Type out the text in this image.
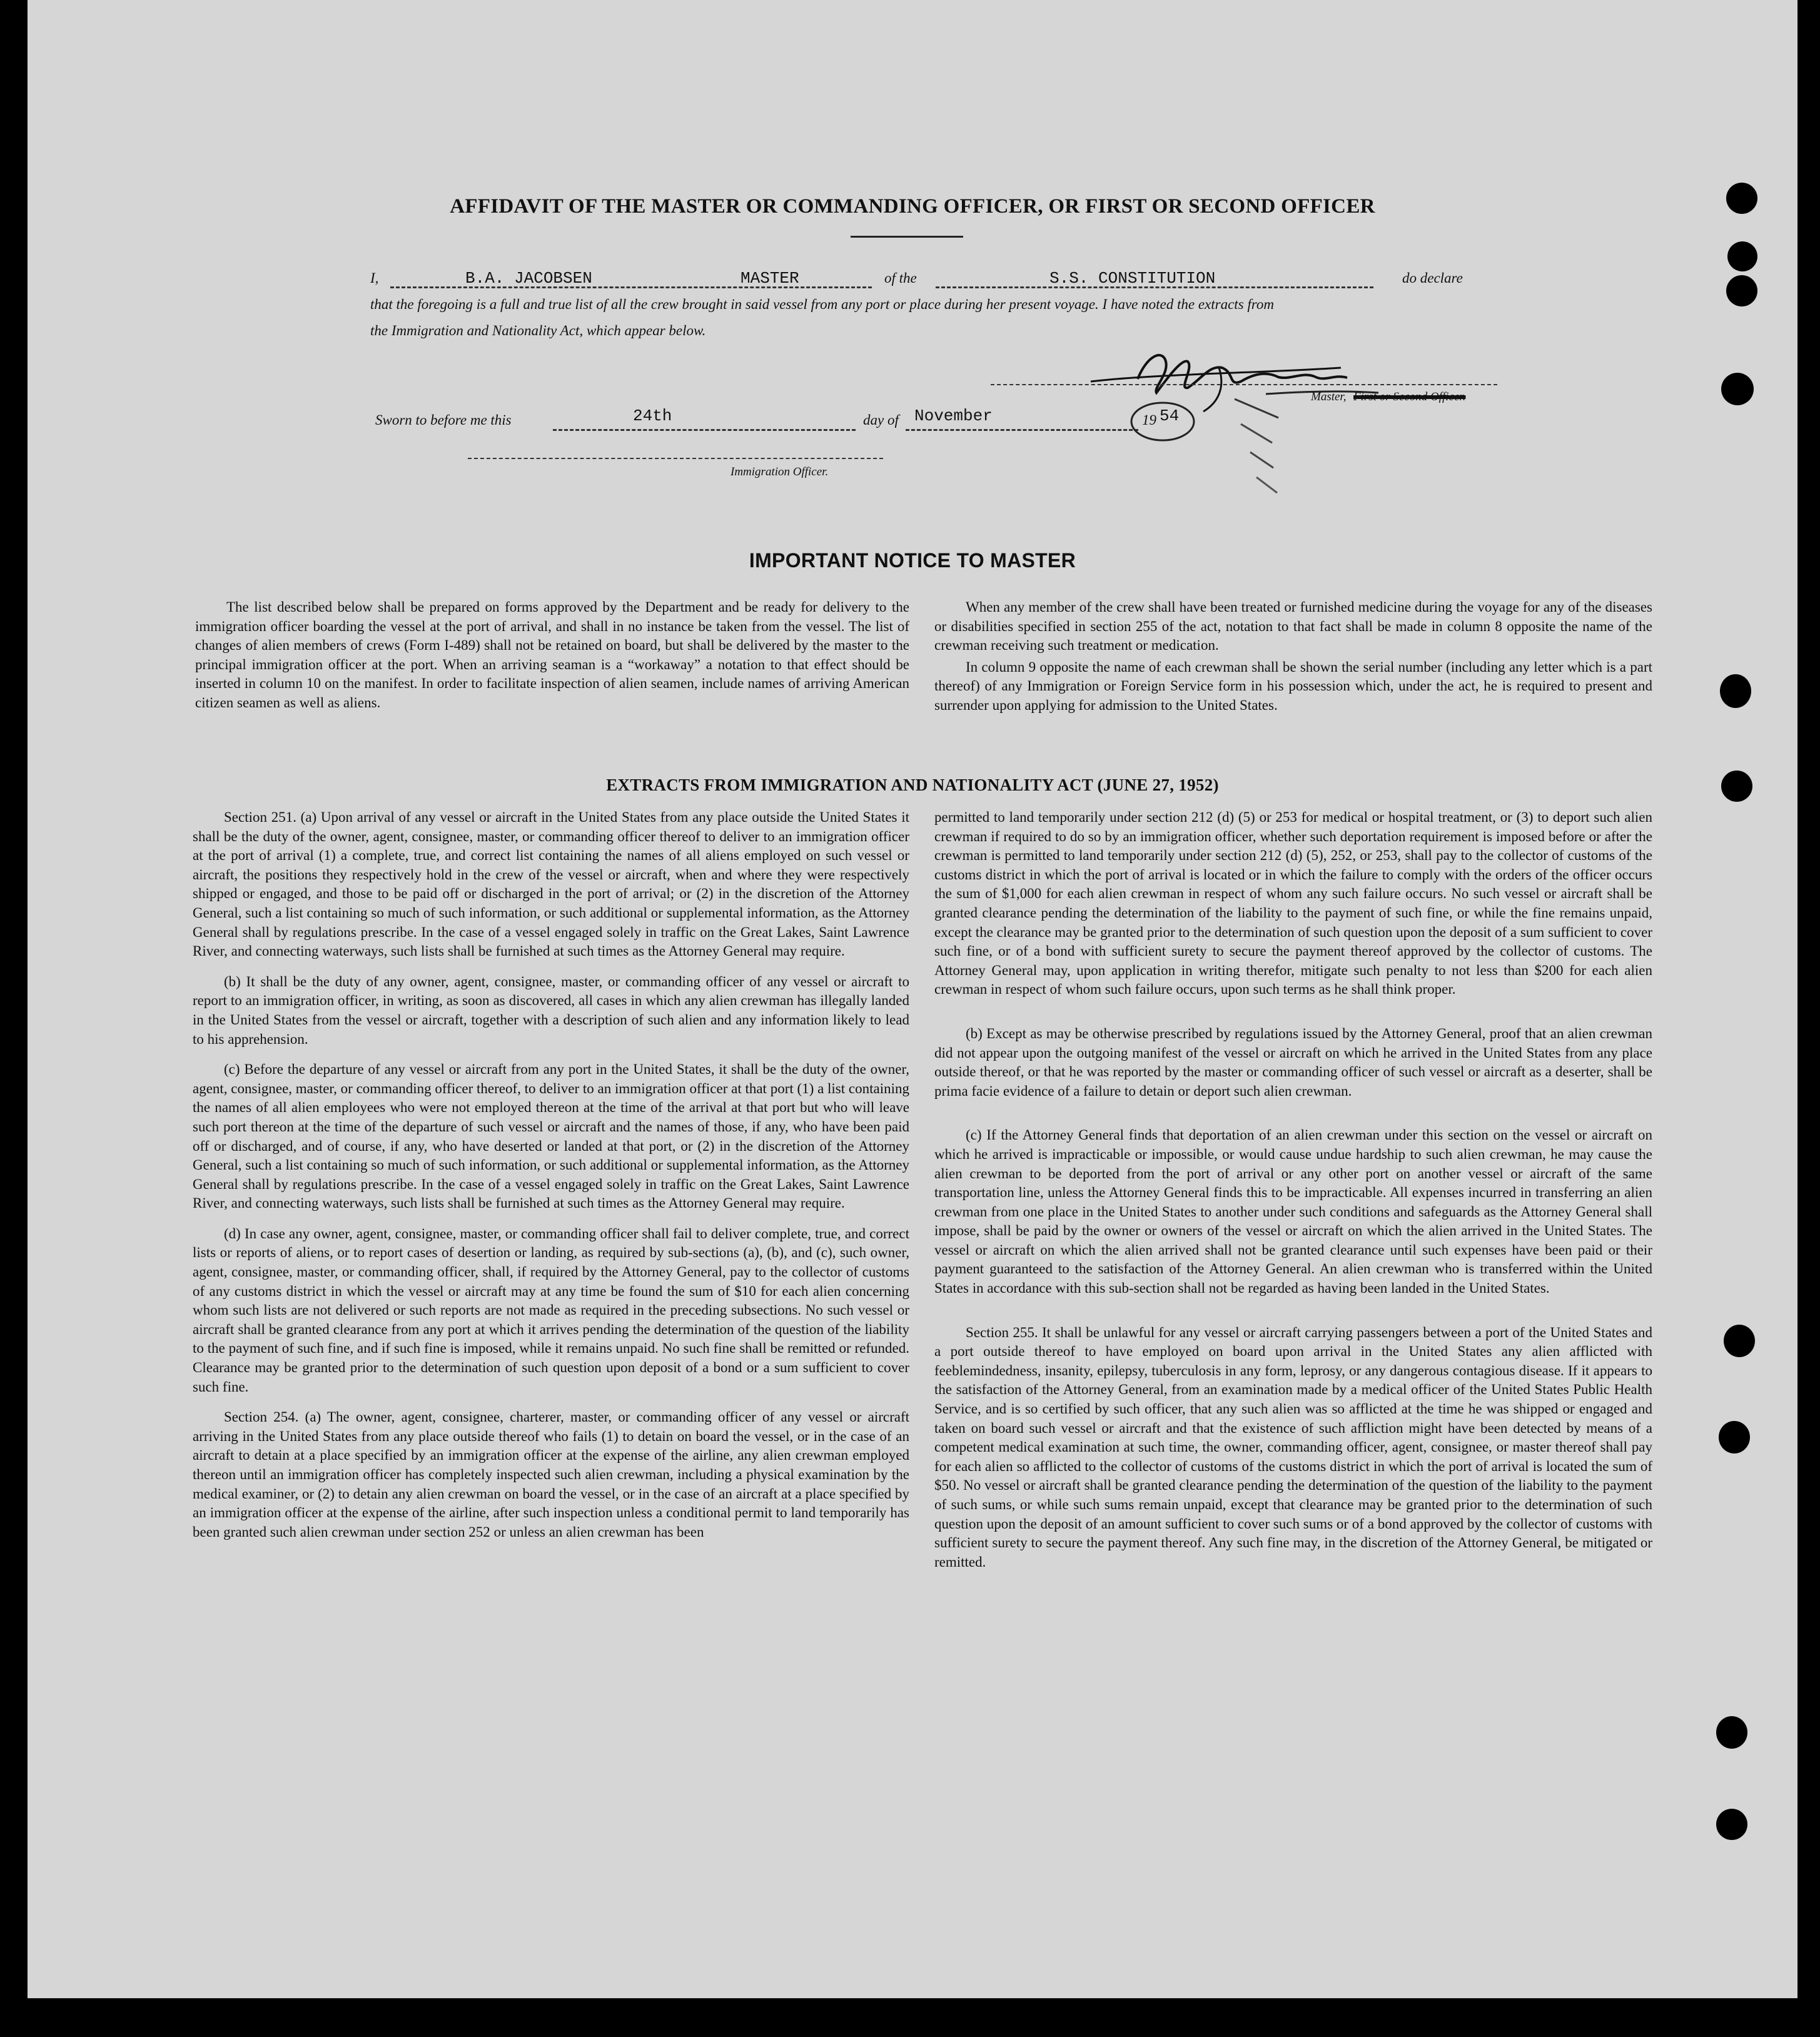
AFFIDAVIT OF THE MASTER OR COMMANDING OFFICER, OR FIRST OR SECOND OFFICER
I,	B.A. JACOBSEN	MASTER	of the	S.S. CONSTITUTION	do declare
that the foregoing is a full and true list of all the crew brought in said vessel from any port or place during her present voyage. I have noted the extracts from
the Immigration and Nationality Act, which appear below.
Master, First or Second Officer.
Sworn to before me this	24th	day of November	19 54
Immigration Officer.
IMPORTANT NOTICE TO MASTER

The list described below shall be prepared on forms approved by the Department and be ready for delivery to the immigration officer boarding the vessel at the port of arrival, and shall in no instance be taken from the vessel. The list of changes of alien members of crews (Form I-489) shall not be retained on board, but shall be delivered by the master to the principal immigration officer at the port. When an arriving seaman is a “workaway” a notation to that effect should be inserted in column 10 on the manifest. In order to facilitate inspection of alien seamen, include names of arriving American citizen seamen as well as aliens.

When any member of the crew shall have been treated or furnished medicine during the voyage for any of the diseases or disabilities specified in section 255 of the act, notation to that fact shall be made in column 8 opposite the name of the crewman receiving such treatment or medication.

In column 9 opposite the name of each crewman shall be shown the serial number (including any letter which is a part thereof) of any Immigration or Foreign Service form in his possession which, under the act, he is required to present and surrender upon applying for admission to the United States.

EXTRACTS FROM IMMIGRATION AND NATIONALITY ACT (JUNE 27, 1952)

Section 251. (a) Upon arrival of any vessel or aircraft in the United States from any place outside the United States it shall be the duty of the owner, agent, consignee, master, or commanding officer thereof to deliver to an immigration officer at the port of arrival (1) a complete, true, and correct list containing the names of all aliens employed on such vessel or aircraft, the positions they respectively hold in the crew of the vessel or aircraft, when and where they were respectively shipped or engaged, and those to be paid off or discharged in the port of arrival; or (2) in the discretion of the Attorney General, such a list containing so much of such information, or such additional or supplemental information, as the Attorney General shall by regulations prescribe. In the case of a vessel engaged solely in traffic on the Great Lakes, Saint Lawrence River, and connecting waterways, such lists shall be furnished at such times as the Attorney General may require.

(b) It shall be the duty of any owner, agent, consignee, master, or commanding officer of any vessel or aircraft to report to an immigration officer, in writing, as soon as discovered, all cases in which any alien crewman has illegally landed in the United States from the vessel or aircraft, together with a description of such alien and any information likely to lead to his apprehension.

(c) Before the departure of any vessel or aircraft from any port in the United States, it shall be the duty of the owner, agent, consignee, master, or commanding officer thereof, to deliver to an immigration officer at that port (1) a list containing the names of all alien employees who were not employed thereon at the time of the arrival at that port but who will leave such port thereon at the time of the departure of such vessel or aircraft and the names of those, if any, who have been paid off or discharged, and of course, if any, who have deserted or landed at that port, or (2) in the discretion of the Attorney General, such a list containing so much of such information, or such additional or supplemental information, as the Attorney General shall by regulations prescribe. In the case of a vessel engaged solely in traffic on the Great Lakes, Saint Lawrence River, and connecting waterways, such lists shall be furnished at such times as the Attorney General may require.

(d) In case any owner, agent, consignee, master, or commanding officer shall fail to deliver complete, true, and correct lists or reports of aliens, or to report cases of desertion or landing, as required by sub-sections (a), (b), and (c), such owner, agent, consignee, master, or commanding officer, shall, if required by the Attorney General, pay to the collector of customs of any customs district in which the vessel or aircraft may at any time be found the sum of $10 for each alien concerning whom such lists are not delivered or such reports are not made as required in the preceding subsections. No such vessel or aircraft shall be granted clearance from any port at which it arrives pending the determination of the question of the liability to the payment of such fine, and if such fine is imposed, while it remains unpaid. No such fine shall be remitted or refunded. Clearance may be granted prior to the determination of such question upon deposit of a bond or a sum sufficient to cover such fine.

Section 254. (a) The owner, agent, consignee, charterer, master, or commanding officer of any vessel or aircraft arriving in the United States from any place outside thereof who fails (1) to detain on board the vessel, or in the case of an aircraft to detain at a place specified by an immigration officer at the expense of the airline, any alien crewman employed thereon until an immigration officer has completely inspected such alien crewman, including a physical examination by the medical examiner, or (2) to detain any alien crewman on board the vessel, or in the case of an aircraft at a place specified by an immigration officer at the expense of the airline, after such inspection unless a conditional permit to land temporarily has been granted such alien crewman under section 252 or unless an alien crewman has been

permitted to land temporarily under section 212 (d) (5) or 253 for medical or hospital treatment, or (3) to deport such alien crewman if required to do so by an immigration officer, whether such deportation requirement is imposed before or after the crewman is permitted to land temporarily under section 212 (d) (5), 252, or 253, shall pay to the collector of customs of the customs district in which the port of arrival is located or in which the failure to comply with the orders of the officer occurs the sum of $1,000 for each alien crewman in respect of whom any such failure occurs. No such vessel or aircraft shall be granted clearance pending the determination of the liability to the payment of such fine, or while the fine remains unpaid, except the clearance may be granted prior to the determination of such question upon the deposit of a sum sufficient to cover such fine, or of a bond with sufficient surety to secure the payment thereof approved by the collector of customs. The Attorney General may, upon application in writing therefor, mitigate such penalty to not less than $200 for each alien crewman in respect of whom such failure occurs, upon such terms as he shall think proper.

(b) Except as may be otherwise prescribed by regulations issued by the Attorney General, proof that an alien crewman did not appear upon the outgoing manifest of the vessel or aircraft on which he arrived in the United States from any place outside thereof, or that he was reported by the master or commanding officer of such vessel or aircraft as a deserter, shall be prima facie evidence of a failure to detain or deport such alien crewman.

(c) If the Attorney General finds that deportation of an alien crewman under this section on the vessel or aircraft on which he arrived is impracticable or impossible, or would cause undue hardship to such alien crewman, he may cause the alien crewman to be deported from the port of arrival or any other port on another vessel or aircraft of the same transportation line, unless the Attorney General finds this to be impracticable. All expenses incurred in transferring an alien crewman from one place in the United States to another under such conditions and safeguards as the Attorney General shall impose, shall be paid by the owner or owners of the vessel or aircraft on which the alien arrived in the United States. The vessel or aircraft on which the alien arrived shall not be granted clearance until such expenses have been paid or their payment guaranteed to the satisfaction of the Attorney General. An alien crewman who is transferred within the United States in accordance with this sub-section shall not be regarded as having been landed in the United States.

Section 255. It shall be unlawful for any vessel or aircraft carrying passengers between a port of the United States and a port outside thereof to have employed on board upon arrival in the United States any alien afflicted with feeblemindedness, insanity, epilepsy, tuberculosis in any form, leprosy, or any dangerous contagious disease. If it appears to the satisfaction of the Attorney General, from an examination made by a medical officer of the United States Public Health Service, and is so certified by such officer, that any such alien was so afflicted at the time he was shipped or engaged and taken on board such vessel or aircraft and that the existence of such affliction might have been detected by means of a competent medical examination at such time, the owner, commanding officer, agent, consignee, or master thereof shall pay for each alien so afflicted to the collector of customs of the customs district in which the port of arrival is located the sum of $50. No vessel or aircraft shall be granted clearance pending the determination of the question of the liability to the payment of such sums, or while such sums remain unpaid, except that clearance may be granted prior to the determination of such question upon the deposit of an amount sufficient to cover such sums or of a bond approved by the collector of customs with sufficient surety to secure the payment thereof. Any such fine may, in the discretion of the Attorney General, be mitigated or remitted.
